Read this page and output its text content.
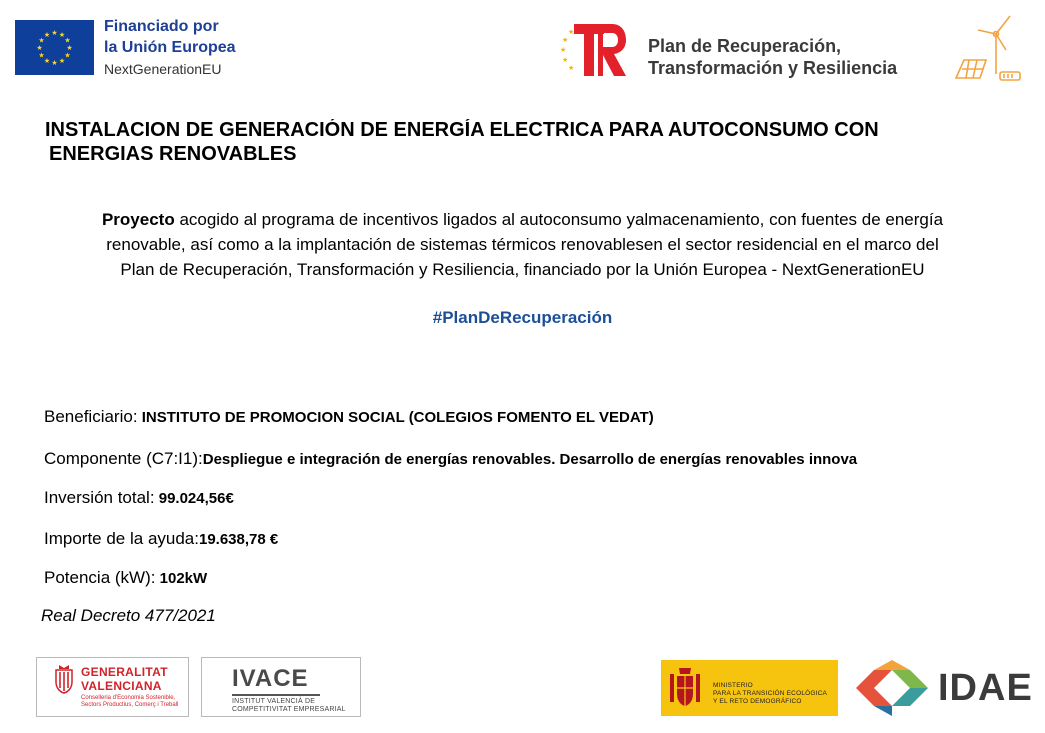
★ ★
★
★
★
★
★
★
★
★
★
★	Financiado por
la Unión Europea
NextGenerationEU
★
★
★
★
★
Plan de Recuperación,
Transformación y Resiliencia
INSTALACION DE GENERACIÓN DE ENERGÍA ELECTRICA PARA AUTOCONSUMO CON
ENERGIAS RENOVABLES
Proyecto acogido al programa de incentivos ligados al autoconsumo yalmacenamiento, con fuentes de energía
renovable, así como a la implantación de sistemas térmicos renovablesen el sector residencial en el marco del
Plan de Recuperación, Transformación y Resiliencia, financiado por la Unión Europea - NextGenerationEU
#PlanDeRecuperación
Beneficiario: INSTITUTO DE PROMOCION SOCIAL (COLEGIOS FOMENTO EL VEDAT)
Componente (C7:I1):Despliegue e integración de energías renovables. Desarrollo de energías renovables innova
Inversión total: 99.024,56€
Importe de la ayuda:19.638,78 €
Potencia (kW): 102kW
Real Decreto 477/2021
GENERALITAT
VALENCIANA
Conselleria d'Economia Sostenible, Sectors Productius, Comerç i Treball
IVACE
INSTITUT VALENCIÀ DE
COMPETITIVITAT EMPRESARIAL
MINISTERIO
PARA LA TRANSICIÓN ECOLÓGICA
Y EL RETO DEMOGRÁFICO	IDAE
